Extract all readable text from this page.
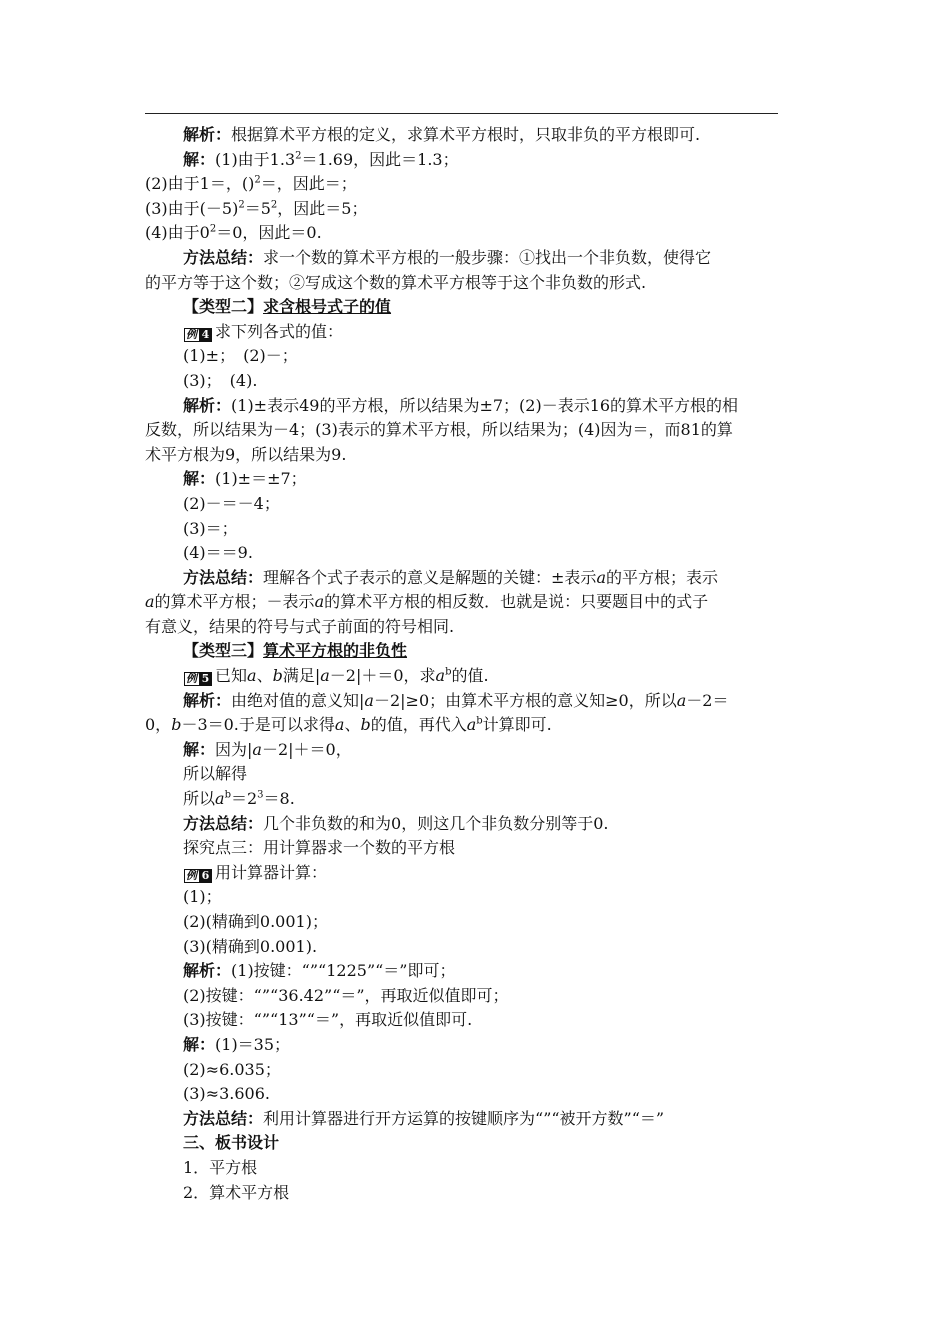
解析：根据算术平方根的定义，求算术平方根时，只取非负的平方根即可.
解：(1)由于$1.3^2=1.69$，因此＝1.3；
(2)由于1＝，()$^2$＝，因此＝；
(3)由于$(-5)^2=5^2$，因此＝5；
(4)由于$0^2=0$，因此＝0.
方法总结：求一个数的算术平方根的一般步骤：①找出一个非负数，使得它
的平方等于这个数；②写成这个数的算术平方根等于这个非负数的形式.
【类型二】求含根号式子的值
例 4 求下列各式的值：
(1)±；　(2)－；
(3)；　(4).
解析：(1)±表示49的平方根，所以结果为±7；(2)－表示16的算术平方根的相
反数，所以结果为－4；(3)表示的算术平方根，所以结果为；(4)因为＝，而81的算
术平方根为9，所以结果为9.
解：(1)±＝±7；
(2)－＝－4；
(3)＝；
(4)＝＝9.
方法总结：理解各个式子表示的意义是解题的关键：±表示a的平方根；表示
a的算术平方根；－表示a的算术平方根的相反数．也就是说：只要题目中的式子
有意义，结果的符号与式子前面的符号相同.
【类型三】算术平方根的非负性
例 5 已知a、b满足|a－2|＋＝0，求$a^b$的值.
解析：由绝对值的意义知|a－2|≥0；由算术平方根的意义知≥0，所以a－2＝
0，b－3＝0.于是可以求得a、b的值，再代入$a^b$计算即可.
解：因为|a－2|＋＝0，
所以解得
所以$a^b=2^3=8$.
方法总结：几个非负数的和为0，则这几个非负数分别等于0.
探究点三：用计算器求一个数的平方根
例 6 用计算器计算：
(1)；
(2)(精确到0.001)；
(3)(精确到0.001).
解析：(1)按键：“”“1225”“＝”即可；
(2)按键：“”“36.42”“＝”，再取近似值即可；
(3)按键：“”“13”“＝”，再取近似值即可.
解：(1)＝35；
(2)≈6.035；
(3)≈3.606.
方法总结：利用计算器进行开方运算的按键顺序为“”“被开方数”“＝”
三、板书设计
1．平方根
2．算术平方根
